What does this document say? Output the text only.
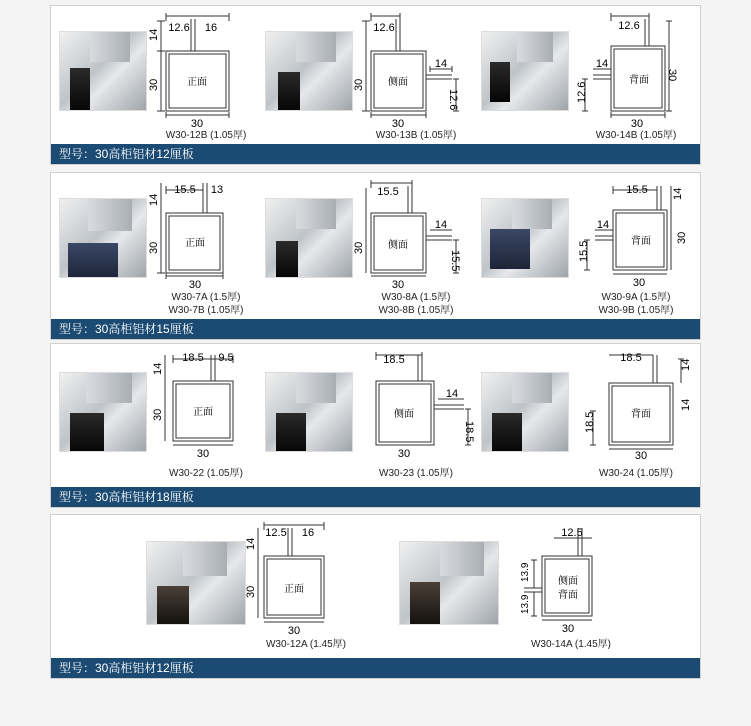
12.6 16
14
30	正面
30
W30-12B (1.05厚)
12.6
30 侧面
14
12.6
30
W30-13B (1.05厚)
12.6
14
12.6
30
背面
30
W30-14B (1.05厚)
型号：30高柜铝材12厘板
15.5 13
14
30	正面
30
W30-7A (1.5厚)
W30-7B (1.05厚)
15.5
30 侧面
14
15.5
30
W30-8A (1.5厚)
W30-8B (1.05厚)
15.5
14
15.5
14
30
背面
30
W30-9A (1.5厚)
W30-9B (1.05厚)
型号：30高柜铝材15厘板
18.5 9.5
14
30	正面
30
W30-22 (1.05厚)
18.5
侧面
14
18.5
30
W30-23 (1.05厚)
18.5
14
14
18.5	背面
30
W30-24 (1.05厚)
型号：30高柜铝材18厘板
12.5 16
14
30	正面
30
W30-12A (1.45厚)
12.5
13.9
13.9
侧面
背面
30
W30-14A (1.45厚)
型号：30高柜铝材12厘板
